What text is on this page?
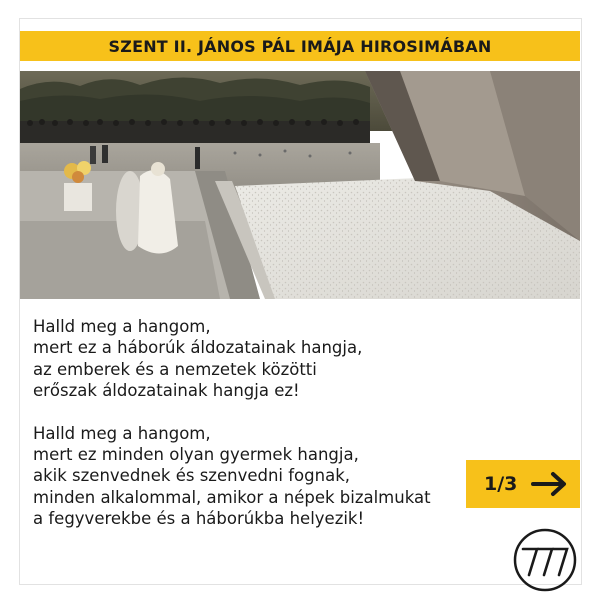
SZENT II. JÁNOS PÁL IMÁJA HIROSIMÁBAN
Halld meg a hangom,
mert ez a háborúk áldozatainak hangja,
az emberek és a nemzetek közötti
erőszak áldozatainak hangja ez!
Halld meg a hangom,
mert ez minden olyan gyermek hangja,
akik szenvednek és szenvedni fognak,
minden alkalommal, amikor a népek bizalmukat
a fegyverekbe és a háborúkba helyezik!
1/3
